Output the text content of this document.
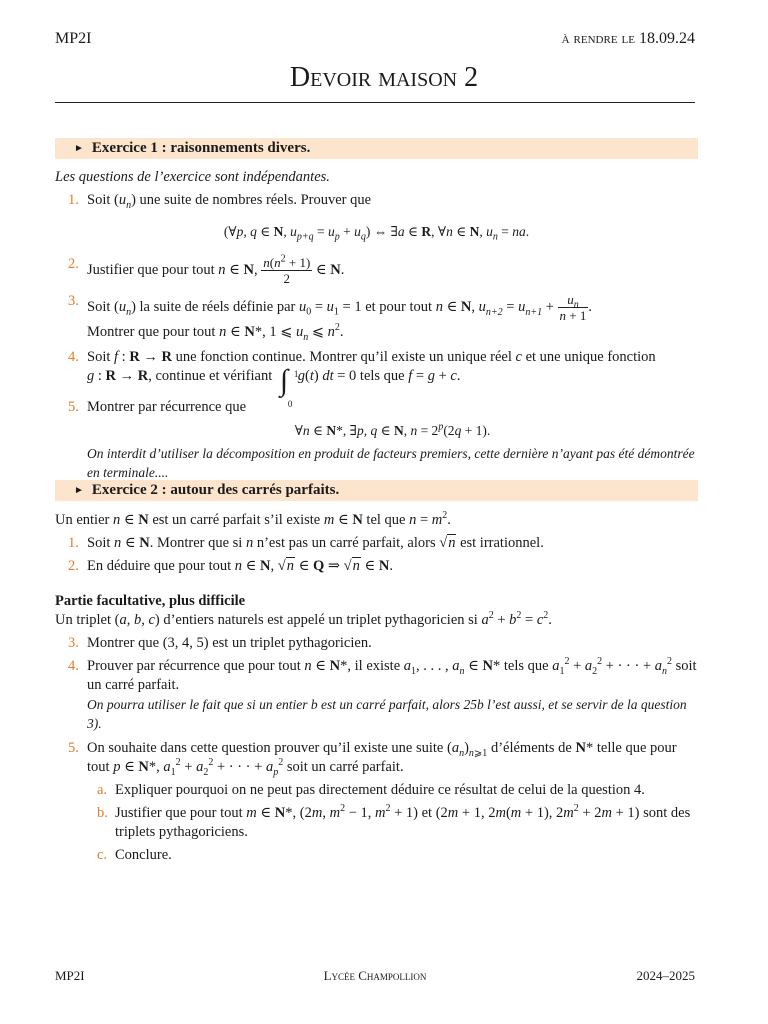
MP2I	à rendre le 18.09.24
Devoir maison 2
► Exercice 1 : raisonnements divers.
Les questions de l’exercice sont indépendantes.
1. Soit $(u_n)$ une suite de nombres réels. Prouver que
(∀p, q ∈ N, $u_{p+q} = u_p + u_q$) ⇔ ∃a ∈ R, ∀n ∈ N, $u_n$ = na.
2. Justifier que pour tout n ∈ N, $\frac{n(n^2 + 1)}{2}$ ∈ N.
3. Soit $(u_n)$ la suite de réels définie par $u_0 = u_1 = 1$ et pour tout n ∈ N, $u_{n+2} = u_{n+1} + \frac{u_n}{n + 1}$ .
Montrer que pour tout n ∈ N*, 1 ⩽ $u_n$ ⩽ $n^2$.
4. Soit f : R → R une fonction continue. Montrer qu’il existe un unique réel c et une unique fonction
g : R → R, continue et vérifiant ∫ 1
0
g(t) dt = 0 tels que f = g + c.
5. Montrer par récurrence que
∀n ∈ N*, ∃p, q ∈ N, $n = 2^p(2q + 1)$.
On interdit d’utiliser la décomposition en produit de facteurs premiers, cette dernière n’ayant pas été démontrée en terminale....
► Exercice 2 : autour des carrés parfaits.
Un entier n ∈ N est un carré parfait s’il existe m ∈ N tel que $n = m^2$.
1. Soit n ∈ N. Montrer que si n n’est pas un carré parfait, alors √n est irrationnel.
2. En déduire que pour tout n ∈ N, √n ∈ Q ⇒ √n ∈ N.
Partie facultative, plus difficile
Un triplet (a, b, c) d’entiers naturels est appelé un triplet pythagoricien si $a^2 + b^2 = c^2$.
3. Montrer que (3, 4, 5) est un triplet pythagoricien.
4. Prouver par récurrence que pour tout n ∈ N*, il existe $a_1$, . . . , $a_n$ ∈ N* tels que $a_1^2 + a_2^2$ + · · · + $a_n^2$ soit un carré parfait.
On pourra utiliser le fait que si un entier b est un carré parfait, alors 25b l’est aussi, et se servir de la question 3).
5. On souhaite dans cette question prouver qu’il existe une suite $(a_n)_{n⩾1}$ d’éléments de N* telle que pour tout p ∈ N*, $a_1^2 + a_2^2$ + · · · + $a_p^2$ soit un carré parfait.
a. Expliquer pourquoi on ne peut pas directement déduire ce résultat de celui de la question 4.
b. Justifier que pour tout m ∈ N*, (2m, $m^2 - 1$, $m^2 + 1$) et (2m + 1, 2m(m + 1), $2m^2 + 2m + 1$) sont des triplets pythagoriciens.
c. Conclure.
MP2I	Lycée Champollion	2024–2025
